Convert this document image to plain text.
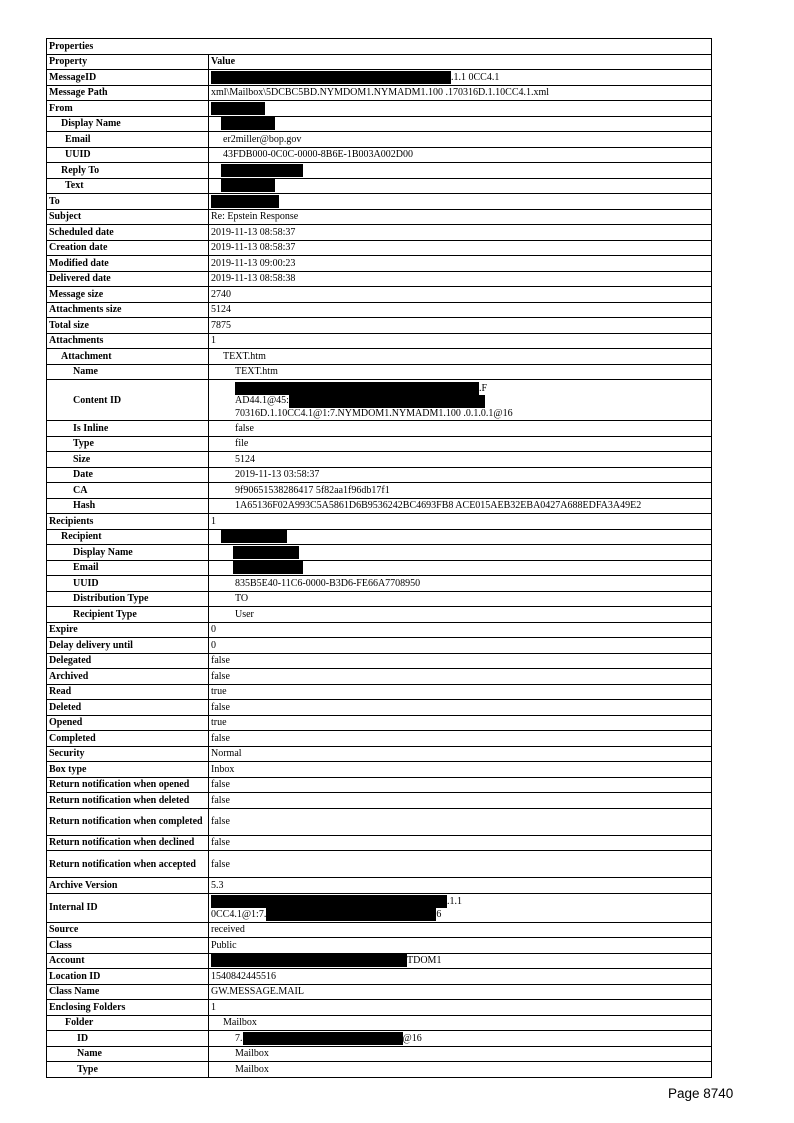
Properties	
Property	Value
MessageID	.1.1 0CC4.1
Message Path	xml\Mailbox\5DCBC5BD.NYMDOM1.NYMADM1.100 .170316D.1.10CC4.1.xml
From	
Display Name	
Email	er2miller@bop.gov
UUID	43FDB000-0C0C-0000-8B6E-1B003A002D00
Reply To	
Text	
To	
Subject	Re: Epstein Response
Scheduled date	2019-11-13 08:58:37
Creation date	2019-11-13 08:58:37
Modified date	2019-11-13 09:00:23
Delivered date	2019-11-13 08:58:38
Message size	2740
Attachments size	5124
Total size	7875
Attachments	1
Attachment	TEXT.htm
Name	TEXT.htm
Content ID	.F
AD44.1@45:
70316D.1.10CC4.1@1:7.NYMDOM1.NYMADM1.100 .0.1.0.1@16

Is Inline	false
Type	file
Size	5124
Date	2019-11-13 03:58:37
CA	9f90651538286417 5f82aa1f96db17f1
Hash	1A65136F02A993C5A5861D6B9536242BC4693FB8 ACE015AEB32EBA0427A688EDFA3A49E2
Recipients	1
Recipient	
Display Name	
Email	
UUID	835B5E40-11C6-0000-B3D6-FE66A7708950
Distribution Type	TO
Recipient Type	User
Expire	0
Delay delivery until	0
Delegated	false
Archived	false
Read	true
Deleted	false
Opened	true
Completed	false
Security	Normal
Box type	Inbox
Return notification when opened	false
Return notification when deleted	false
Return notification when completed	false
Return notification when declined	false
Return notification when accepted	false
Archive Version	5.3
Internal ID	.1.1
0CC4.1@1:7. 6

Source	received
Class	Public
Account	TDOM1
Location ID	1540842445516
Class Name	GW.MESSAGE.MAIL
Enclosing Folders	1
Folder	Mailbox
ID	7. @16
Name	Mailbox
Type	Mailbox
Page 8740
